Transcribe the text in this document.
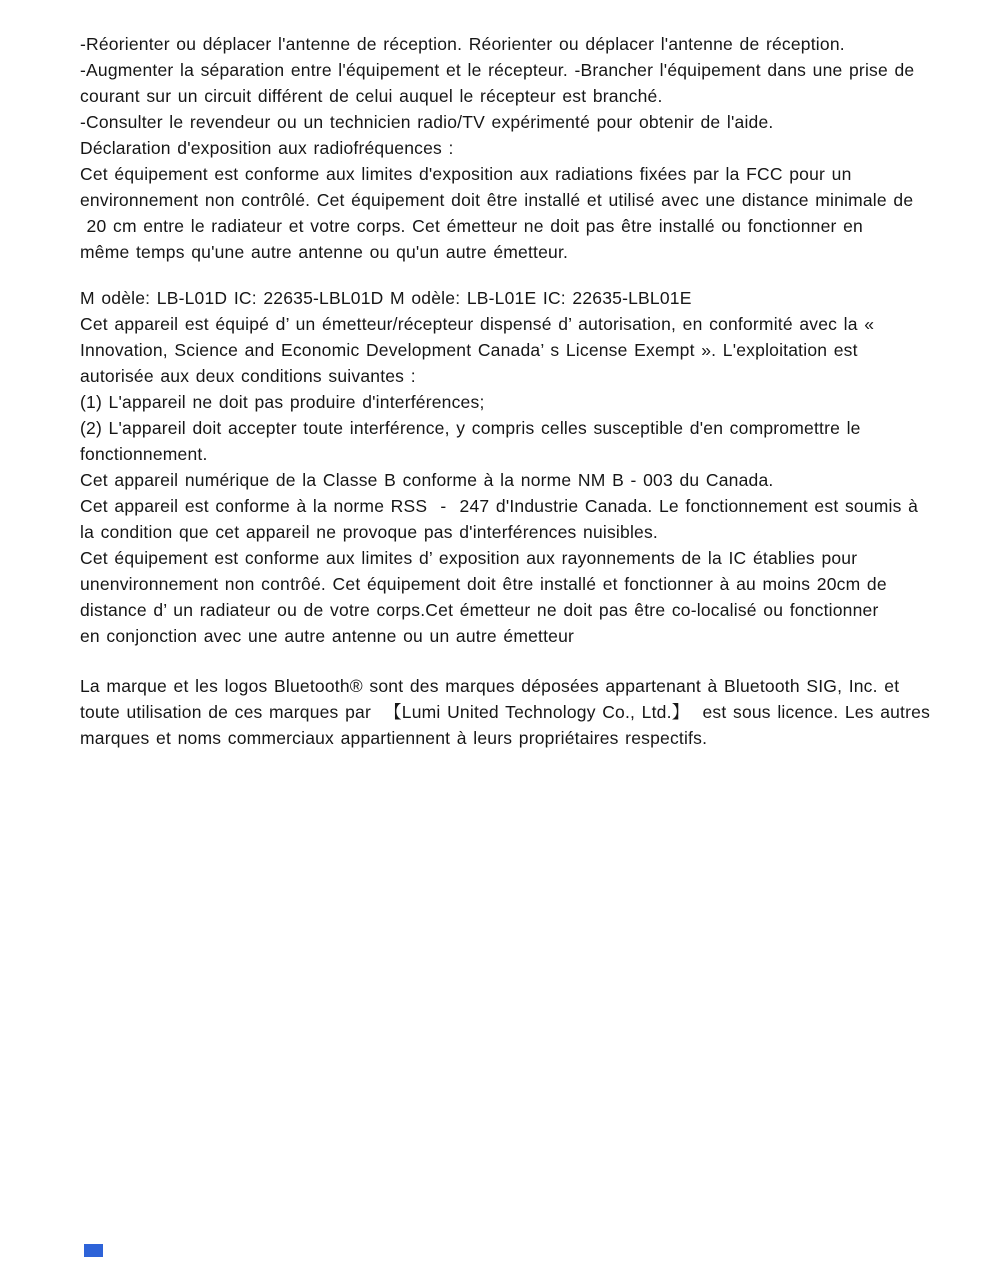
-Réorienter ou déplacer l'antenne de réception. Réorienter ou déplacer l'antenne de réception.
-Augmenter la séparation entre l'équipement et le récepteur. -Brancher l'équipement dans une prise de
courant sur un circuit différent de celui auquel le récepteur est branché.
-Consulter le revendeur ou un technicien radio/TV expérimenté pour obtenir de l'aide.
Déclaration d'exposition aux radiofréquences :
Cet équipement est conforme aux limites d'exposition aux radiations fixées par la FCC pour un
environnement non contrôlé. Cet équipement doit être installé et utilisé avec une distance minimale de
20 cm entre le radiateur et votre corps. Cet émetteur ne doit pas être installé ou fonctionner en
même temps qu'une autre antenne ou qu'un autre émetteur.
M odèle: LB-L01D IC: 22635-LBL01D M odèle: LB-L01E IC: 22635-LBL01E
Cet appareil est équipé d’ un émetteur/récepteur dispensé d’ autorisation, en conformité avec la «
Innovation, Science and Economic Development Canada’ s License Exempt ». L'exploitation est
autorisée aux deux conditions suivantes :
(1) L'appareil ne doit pas produire d'interférences;
(2) L'appareil doit accepter toute interférence, y compris celles susceptible d'en compromettre le
fonctionnement.
Cet appareil numérique de la Classe B conforme à la norme NM B - 003 du Canada.
Cet appareil est conforme à la norme RSS  -  247 d'Industrie Canada. Le fonctionnement est soumis à
la condition que cet appareil ne provoque pas d'interférences nuisibles.
Cet équipement est conforme aux limites d’ exposition aux rayonnements de la IC établies pour
unenvironnement non contrôé. Cet équipement doit être installé et fonctionner à au moins 20cm de
distance d’ un radiateur ou de votre corps.Cet émetteur ne doit pas être co-localisé ou fonctionner
en conjonction avec une autre antenne ou un autre émetteur
La marque et les logos Bluetooth® sont des marques déposées appartenant à Bluetooth SIG, Inc. et
toute utilisation de ces marques par  【Lumi United Technology Co., Ltd.】  est sous licence. Les autres
marques et noms commerciaux appartiennent à leurs propriétaires respectifs.
